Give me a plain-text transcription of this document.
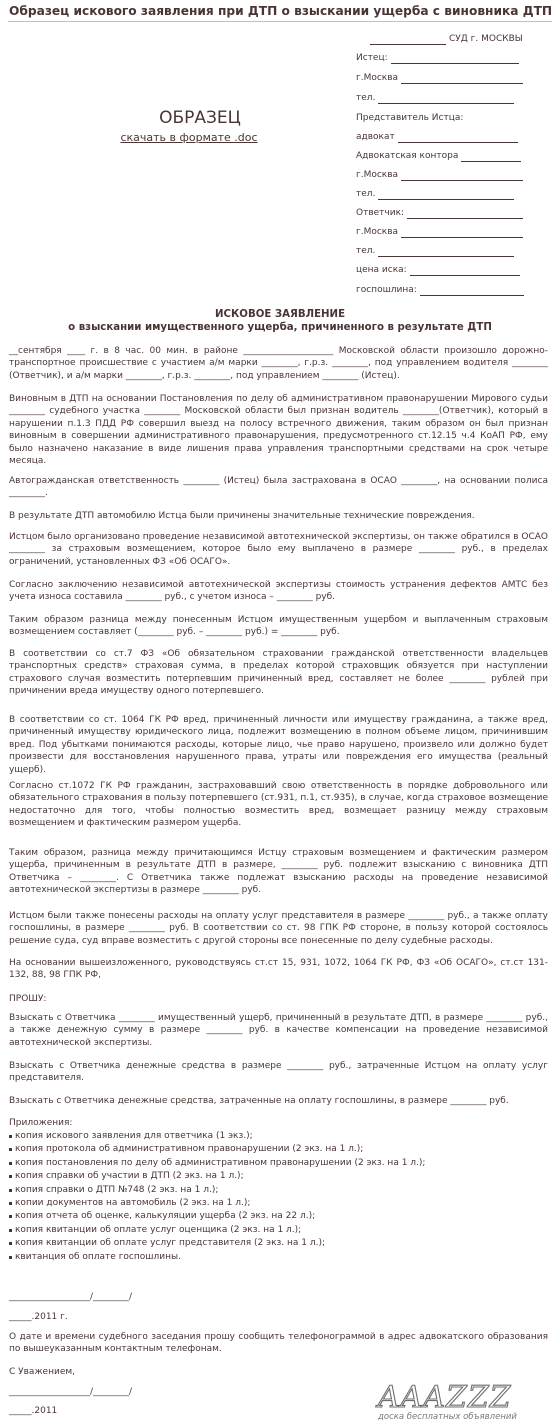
Образец искового заявления при ДТП о взыскании ущерба с виновника ДТП
СУД г. МОСКВЫ
Истец:
г.Москва
тел.
Представитель Истца:
адвокат
Адвокатская контора
г.Москва
тел.
Ответчик:
г.Москва
тел.
цена иска:
госпошлина:
ОБРАЗЕЦ
скачать в формате .doc
ИСКОВОЕ ЗАЯВЛЕНИЕ
о взыскании имущественного ущерба, причиненного в результате ДТП

__сентября ____ г. в 8 час. 00 мин. в районе ____________________ Московской области произошло дорожно-транспортное происшествие с участием а/м марки ________, г.р.з. ________, под управлением водителя ________ (Ответчик), и а/м марки ________, г.р.з. ________, под управлением ________ (Истец).

Виновным в ДТП на основании Постановления по делу об административном правонарушении Мирового судьи ________ судебного участка ________ Московской области был признан водитель ________(Ответчик), который в нарушении п.1.3 ПДД РФ совершил выезд на полосу встречного движения, таким образом он был признан виновным в совершении административного правонарушения, предусмотренного ст.12.15 ч.4 КоАП РФ, ему было назначено наказание в виде лишения права управления транспортными средствами на срок четыре месяца.

Автогражданская ответственность ________ (Истец) была застрахована в ОСАО ________, на основании полиса ________.

В результате ДТП автомобилю Истца были причинены значительные технические повреждения.

Истцом было организовано проведение независимой автотехнической экспертизы, он также обратился в ОСАО ________ за страховым возмещением, которое было ему выплачено в размере ________ руб., в пределах ограничений, установленных ФЗ «Об ОСАГО».

Согласно заключению независимой автотехнической экспертизы стоимость устранения дефектов АМТС без учета износа составила ________ руб., с учетом износа – ________ руб.

Таким образом разница между понесенным Истцом имущественным ущербом и выплаченным страховым возмещением составляет (________ руб. – ________ руб.) = ________ руб.

В соответствии со ст.7 ФЗ «Об обязательном страховании гражданской ответственности владельцев транспортных средств» страховая сумма, в пределах которой страховщик обязуется при наступлении страхового случая возместить потерпевшим причиненный вред, составляет не более ________ рублей при причинении вреда имуществу одного потерпевшего.

В соответствии со ст. 1064 ГК РФ вред, причиненный личности или имуществу гражданина, а также вред, причиненный имуществу юридического лица, подлежит возмещению в полном объеме лицом, причинившим вред. Под убытками понимаются расходы, которые лицо, чье право нарушено, произвело или должно будет произвести для восстановления нарушенного права, утраты или повреждения его имущества (реальный ущерб).

Согласно ст.1072 ГК РФ гражданин, застраховавший свою ответственность в порядке добровольного или обязательного страхования в пользу потерпевшего (ст.931, п.1, ст.935), в случае, когда страховое возмещение недостаточно для того, чтобы полностью возместить вред, возмещает разницу между страховым возмещением и фактическим размером ущерба.

Таким образом, разница между причитающимся Истцу страховым возмещением и фактическим размером ущерба, причиненным в результате ДТП в размере, ________ руб. подлежит взысканию с виновника ДТП Ответчика – ________. С Ответчика также подлежат взысканию расходы на проведение независимой автотехнической экспертизы в размере ________ руб.

Истцом были также понесены расходы на оплату услуг представителя в размере ________ руб., а также оплату госпошлины, в размере ________ руб. В соответствии со ст. 98 ГПК РФ стороне, в пользу которой состоялось решение суда, суд вправе возместить с другой стороны все понесенные по делу судебные расходы.

На основании вышеизложенного, руководствуясь ст.ст 15, 931, 1072, 1064 ГК РФ, ФЗ «Об ОСАГО», ст.ст 131-132, 88, 98 ГПК РФ,

ПРОШУ:

Взыскать с Ответчика ________ имущественный ущерб, причиненный в результате ДТП, в размере ________ руб., а также денежную сумму в размере ________ руб. в качестве компенсации на проведение независимой автотехнической экспертизы.

Взыскать с Ответчика денежные средства в размере ________ руб., затраченные Истцом на оплату услуг представителя.

Взыскать с Ответчика денежные средства, затраченные на оплату госпошлины, в размере ________ руб.

Приложения:

копия искового заявления для ответчика (1 экз.);
копия протокола об административном правонарушении (2 экз. на 1 л.);
копия постановления по делу об административном правонарушении (2 экз. на 1 л.);
копия справки об участии в ДТП (2 экз. на 1 л.);
копия справки о ДТП №748 (2 экз. на 1 л.);
копии документов на автомобиль (2 экз. на 1 л.);
копия отчета об оценке, калькуляции ущерба (2 экз. на 22 л.);
копия квитанции об оплате услуг оценщика (2 экз. на 1 л.);
копия квитанции об оплате услуг представителя (2 экз. на 1 л.);
квитанция об оплате госпошлины.
__________________/________/
_____.2011 г.

О дате и времени судебного заседания прошу сообщить телефонограммой в адрес адвокатского образования по вышеуказанным контактным телефонам.

С Уважением,
__________________/________/
_____.2011	AAAZZZ
доска бесплатных объявлений
